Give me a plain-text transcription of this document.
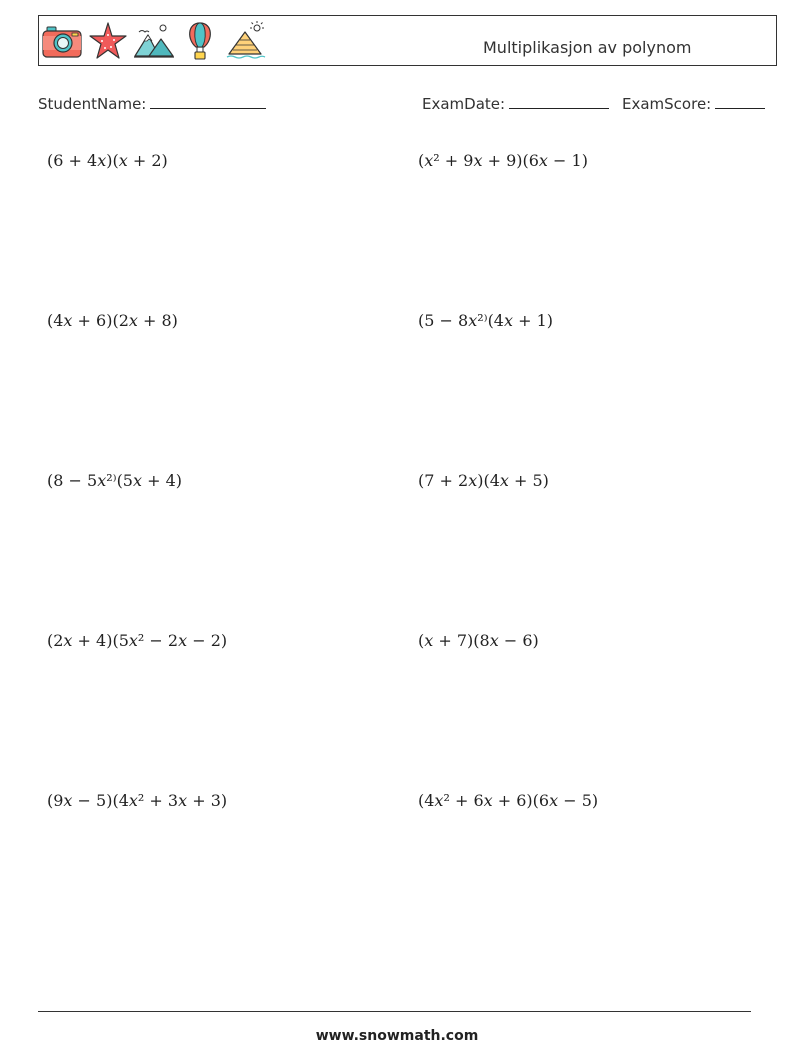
Multiplikasjon av polynom
StudentName:	ExamDate:	ExamScore:
(6 + 4x)(x + 2)	(x² + 9x + 9)(6x − 1)
(4x + 6)(2x + 8)	(5 − 8x²⁾(4x + 1)
(8 − 5x²⁾(5x + 4)	(7 + 2x)(4x + 5)
(2x + 4)(5x² − 2x − 2)	(x + 7)(8x − 6)
(9x − 5)(4x² + 3x + 3)	(4x² + 6x + 6)(6x − 5)
www.snowmath.com
